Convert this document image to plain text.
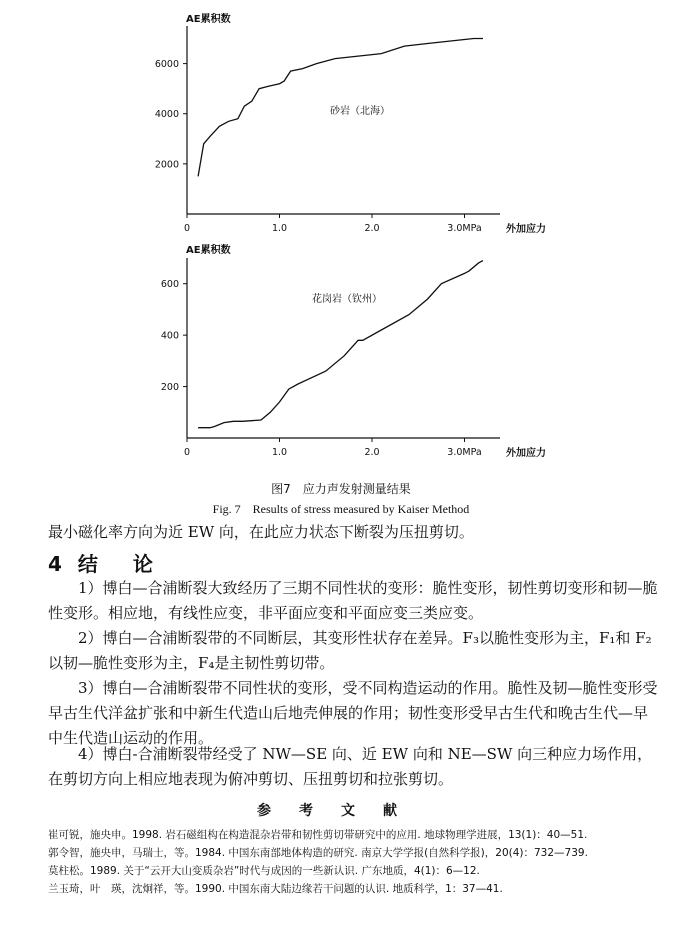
AE累积数
2000
4000
6000
0	1.0	2.0	3.0MPa 外加应力
砂岩（北海）
AE累积数
200
400
600
0	1.0	2.0	3.0MPa 外加应力
花岗岩（钦州）
图7　应力声发射测量结果
Fig. 7　Results of stress measured by Kaiser Method

最小磁化率方向为近 EW 向，在此应力状态下断裂为压扭剪切。

4 结 论

1）博白—合浦断裂大致经历了三期不同性状的变形：脆性变形，韧性剪切变形和韧—脆性变形。相应地，有线性应变，非平面应变和平面应变三类应变。

2）博白—合浦断裂带的不同断层，其变形性状存在差异。F₃以脆性变形为主，F₁和 F₂以韧—脆性变形为主，F₄是主韧性剪切带。

3）博白—合浦断裂带不同性状的变形，受不同构造运动的作用。脆性及韧—脆性变形受早古生代洋盆扩张和中新生代造山后地壳伸展的作用；韧性变形受早古生代和晚古生代—早中生代造山运动的作用。

4）博白-合浦断裂带经受了 NW—SE 向、近 EW 向和 NE—SW 向三种应力场作用，在剪切方向上相应地表现为俯冲剪切、压扭剪切和拉张剪切。

参考文献
崔可锐，施央申。1998. 岩石磁组构在构造混杂岩带和韧性剪切带研究中的应用. 地球物理学进展，13(1)：40—51.
郭令智，施央申，马瑞士，等。1984. 中国东南部地体构造的研究. 南京大学学报(自然科学报)，20(4)：732—739.
莫柱松。1989. 关于“云开大山变质杂岩”时代与成因的一些新认识. 广东地质，4(1)：6—12.
兰玉琦，叶　瑛，沈炯祥，等。1990. 中国东南大陆边缘若干问题的认识. 地质科学，1：37—41.
